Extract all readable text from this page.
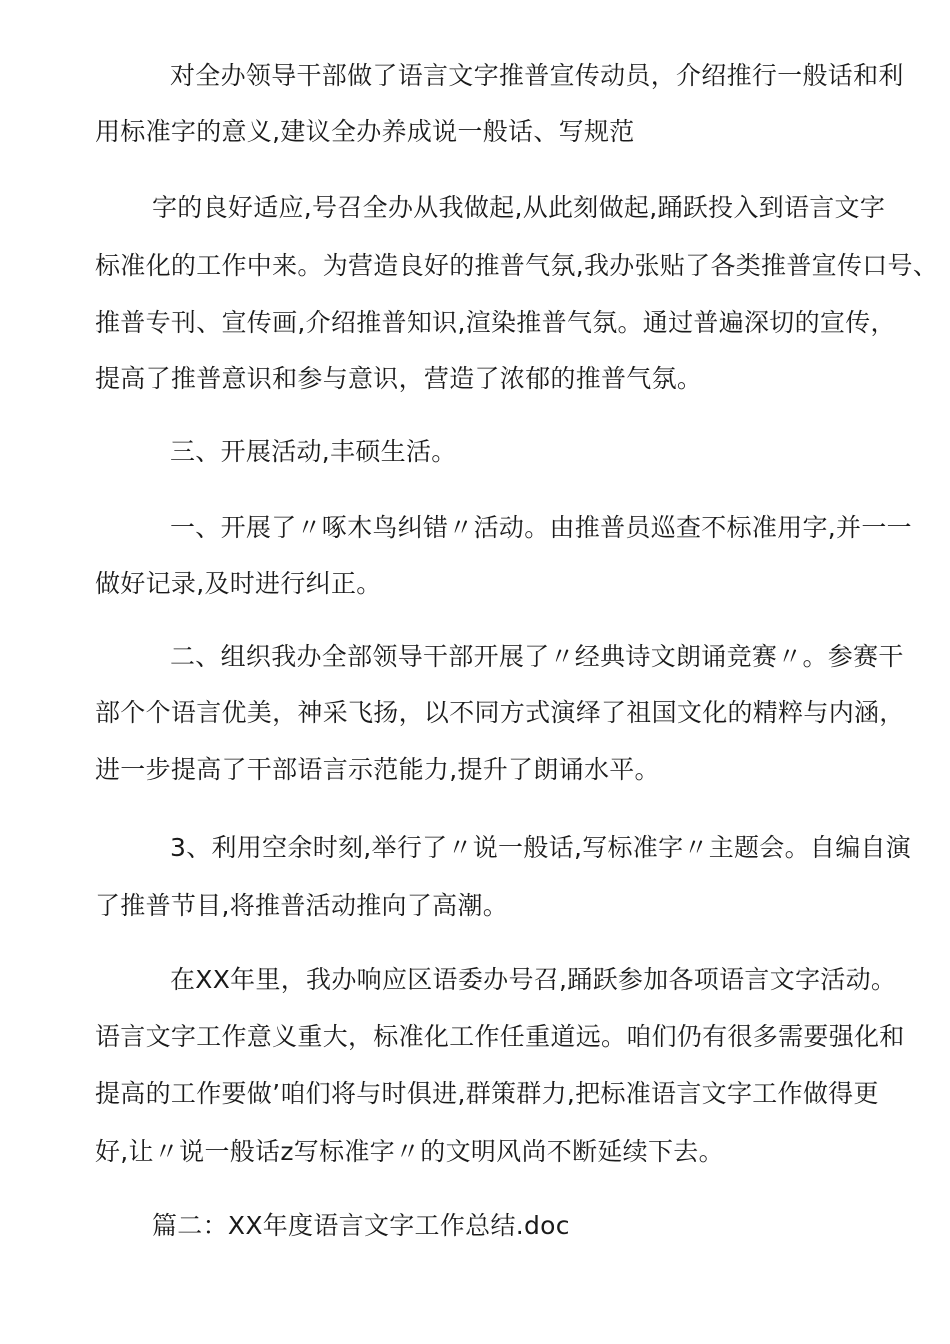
对全办领导干部做了语言文字推普宣传动员，介绍推行一般话和利
用标准字的意义,建议全办养成说一般话、写规范
字的良好适应,号召全办从我做起,从此刻做起,踊跃投入到语言文字
标准化的工作中来。为营造良好的推普气氛,我办张贴了各类推普宣传口号、
推普专刊、宣传画,介绍推普知识,渲染推普气氛。通过普遍深切的宣传，
提高了推普意识和参与意识，营造了浓郁的推普气氛。
三、开展活动,丰硕生活。
一、开展了〃啄木鸟纠错〃活动。由推普员巡查不标准用字,并一一
做好记录,及时进行纠正。
二、组织我办全部领导干部开展了〃经典诗文朗诵竞赛〃。参赛干
部个个语言优美，神采飞扬，以不同方式演绎了祖国文化的精粹与内涵，
进一步提高了干部语言示范能力,提升了朗诵水平。
3、利用空余时刻,举行了〃说一般话,写标准字〃主题会。自编自演
了推普节目,将推普活动推向了高潮。
在XX年里，我办响应区语委办号召,踊跃参加各项语言文字活动。
语言文字工作意义重大，标准化工作任重道远。咱们仍有很多需要强化和
提高的工作要做’咱们将与时俱进,群策群力,把标准语言文字工作做得更
好,让〃说一般话z写标准字〃的文明风尚不断延续下去。
篇二：XX年度语言文字工作总结.doc
